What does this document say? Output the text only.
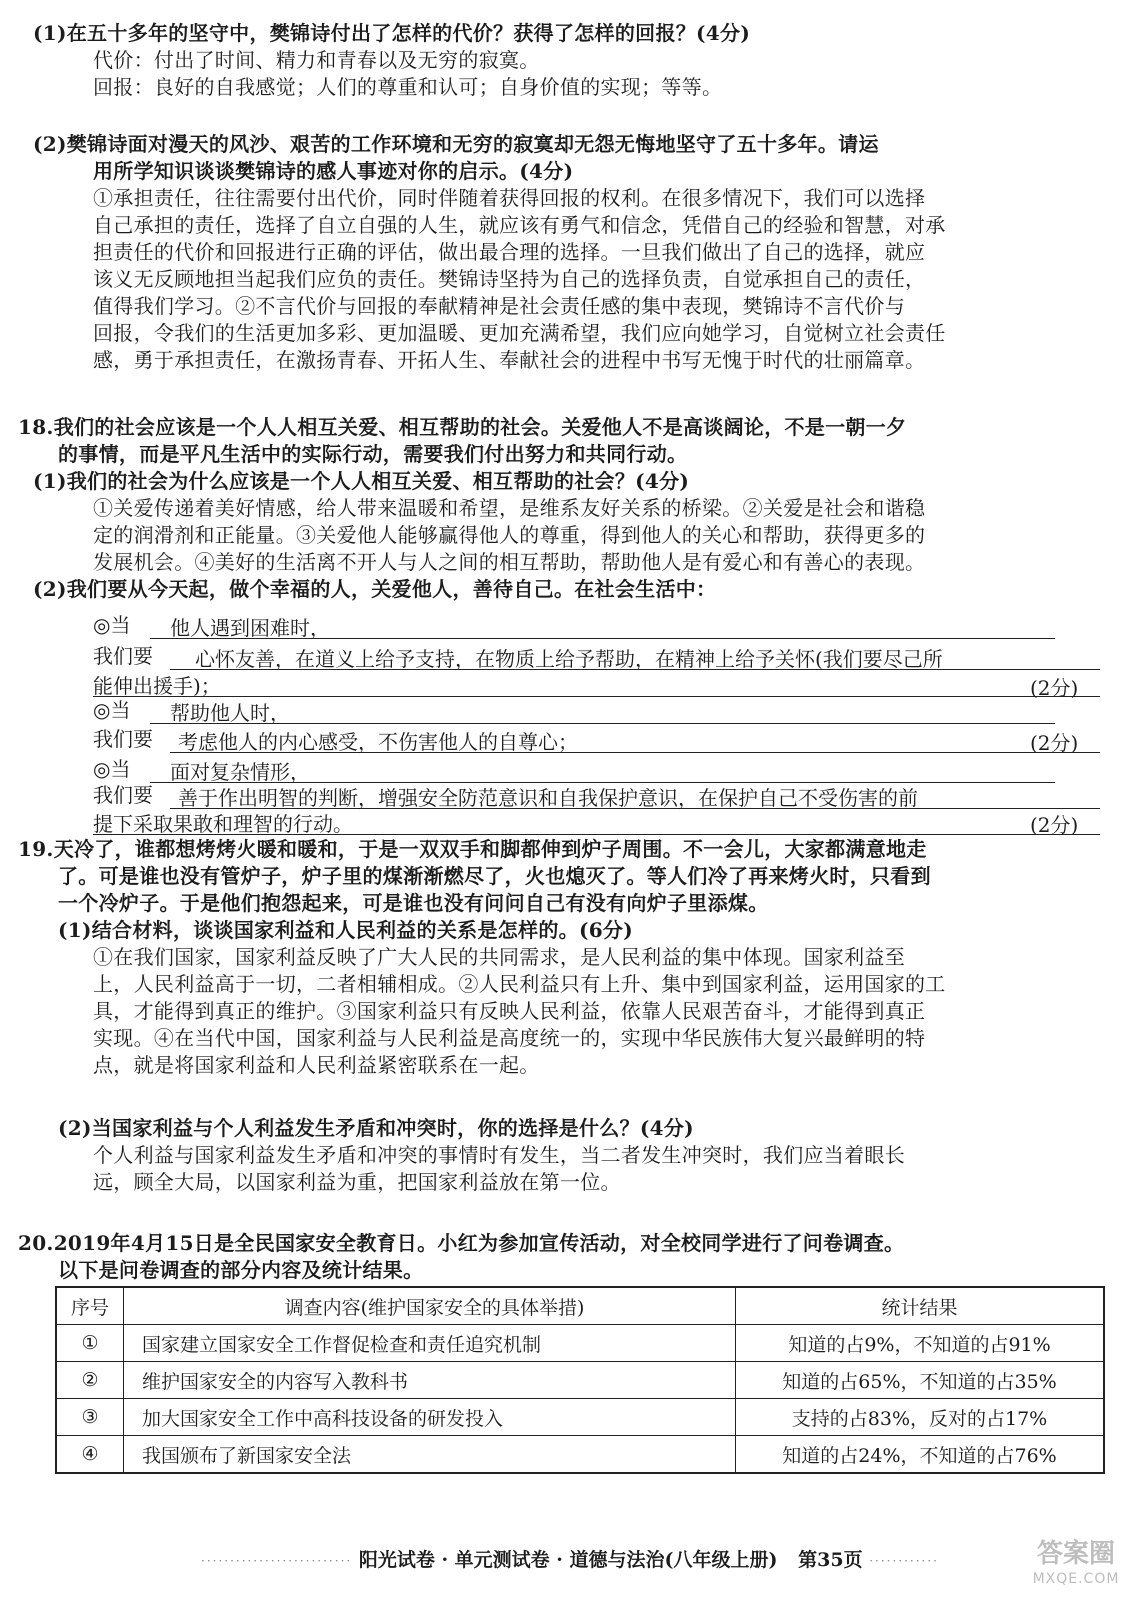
(1)在五十多年的坚守中，樊锦诗付出了怎样的代价？获得了怎样的回报？(4分)
代价：付出了时间、精力和青春以及无穷的寂寞。
回报：良好的自我感觉；人们的尊重和认可；自身价值的实现；等等。
(2)樊锦诗面对漫天的风沙、艰苦的工作环境和无穷的寂寞却无怨无悔地坚守了五十多年。请运
用所学知识谈谈樊锦诗的感人事迹对你的启示。(4分)
①承担责任，往往需要付出代价，同时伴随着获得回报的权利。在很多情况下，我们可以选择
自己承担的责任，选择了自立自强的人生，就应该有勇气和信念，凭借自己的经验和智慧，对承
担责任的代价和回报进行正确的评估，做出最合理的选择。一旦我们做出了自己的选择，就应
该义无反顾地担当起我们应负的责任。樊锦诗坚持为自己的选择负责，自觉承担自己的责任，
值得我们学习。②不言代价与回报的奉献精神是社会责任感的集中表现，樊锦诗不言代价与
回报，令我们的生活更加多彩、更加温暖、更加充满希望，我们应向她学习，自觉树立社会责任
感，勇于承担责任，在激扬青春、开拓人生、奉献社会的进程中书写无愧于时代的壮丽篇章。
18.我们的社会应该是一个人人相互关爱、相互帮助的社会。关爱他人不是高谈阔论，不是一朝一夕
的事情，而是平凡生活中的实际行动，需要我们付出努力和共同行动。
(1)我们的社会为什么应该是一个人人相互关爱、相互帮助的社会？(4分)
①关爱传递着美好情感，给人带来温暖和希望，是维系友好关系的桥梁。②关爱是社会和谐稳
定的润滑剂和正能量。③关爱他人能够赢得他人的尊重，得到他人的关心和帮助，获得更多的
发展机会。④美好的生活离不开人与人之间的相互帮助，帮助他人是有爱心和有善心的表现。
(2)我们要从今天起，做个幸福的人，关爱他人，善待自己。在社会生活中：
◎当	他人遇到困难时，
我们要	心怀友善，在道义上给予支持，在物质上给予帮助，在精神上给予关怀(我们要尽己所
能伸出援手)；	(2分)
◎当	帮助他人时，
我们要	考虑他人的内心感受，不伤害他人的自尊心；	(2分)
◎当	面对复杂情形，
我们要	善于作出明智的判断，增强安全防范意识和自我保护意识，在保护自己不受伤害的前
提下采取果敢和理智的行动。	(2分)
19.天冷了，谁都想烤烤火暖和暖和，于是一双双手和脚都伸到炉子周围。不一会儿，大家都满意地走
了。可是谁也没有管炉子，炉子里的煤渐渐燃尽了，火也熄灭了。等人们冷了再来烤火时，只看到
一个冷炉子。于是他们抱怨起来，可是谁也没有问问自己有没有向炉子里添煤。
(1)结合材料，谈谈国家利益和人民利益的关系是怎样的。(6分)
①在我们国家，国家利益反映了广大人民的共同需求，是人民利益的集中体现。国家利益至
上，人民利益高于一切，二者相辅相成。②人民利益只有上升、集中到国家利益，运用国家的工
具，才能得到真正的维护。③国家利益只有反映人民利益，依靠人民艰苦奋斗，才能得到真正
实现。④在当代中国，国家利益与人民利益是高度统一的，实现中华民族伟大复兴最鲜明的特
点，就是将国家利益和人民利益紧密联系在一起。
(2)当国家利益与个人利益发生矛盾和冲突时，你的选择是什么？(4分)
个人利益与国家利益发生矛盾和冲突的事情时有发生，当二者发生冲突时，我们应当着眼长
远，顾全大局，以国家利益为重，把国家利益放在第一位。
20.2019年4月15日是全民国家安全教育日。小红为参加宣传活动，对全校同学进行了问卷调查。
以下是问卷调查的部分内容及统计结果。
序号	调查内容(维护国家安全的具体举措)	统计结果
①	国家建立国家安全工作督促检查和责任追究机制	知道的占9%，不知道的占91%
②	维护国家安全的内容写入教科书	知道的占65%，不知道的占35%
③	加大国家安全工作中高科技设备的研发投入	支持的占83%，反对的占17%
④	我国颁布了新国家安全法	知道的占24%，不知道的占76%
·························· 阳光试卷 · 单元测试卷 · 道德与法治(八年级上册) 第35页 ············	答案圈
MXQE.COM
